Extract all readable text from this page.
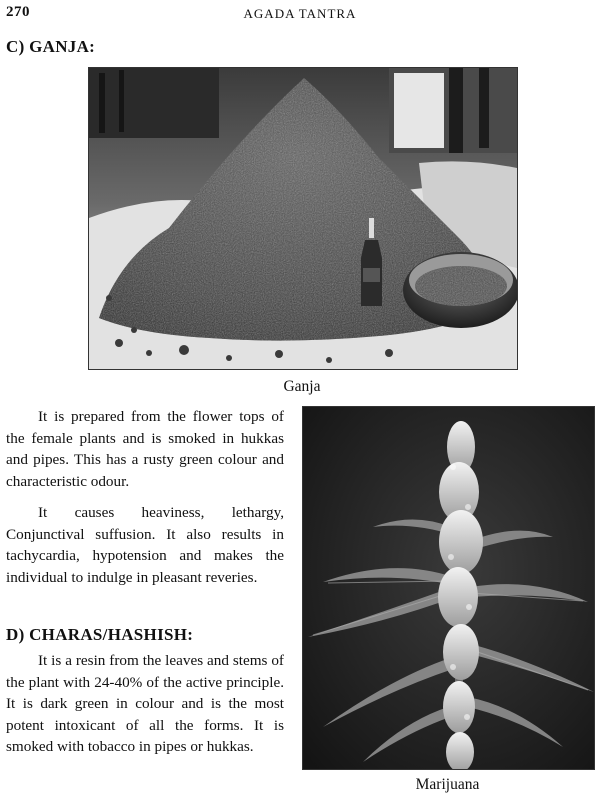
270	AGADA TANTRA
C) GANJA:
Ganja

It is prepared from the flower tops of the female plants and is smoked in hukkas and pipes. This has a rusty green colour and characteristic odour.

It causes heaviness, lethargy, Conjunctival suffusion. It also results in tachycardia, hypotension and makes the individual to indulge in pleasant reveries.

D) CHARAS/HASHISH:

It is a resin from the leaves and stems of the plant with 24-40% of the active principle. It is dark green in colour and is the most potent intoxicant of all the forms. It is smoked with tobacco in pipes or hukkas.

Marijuana
